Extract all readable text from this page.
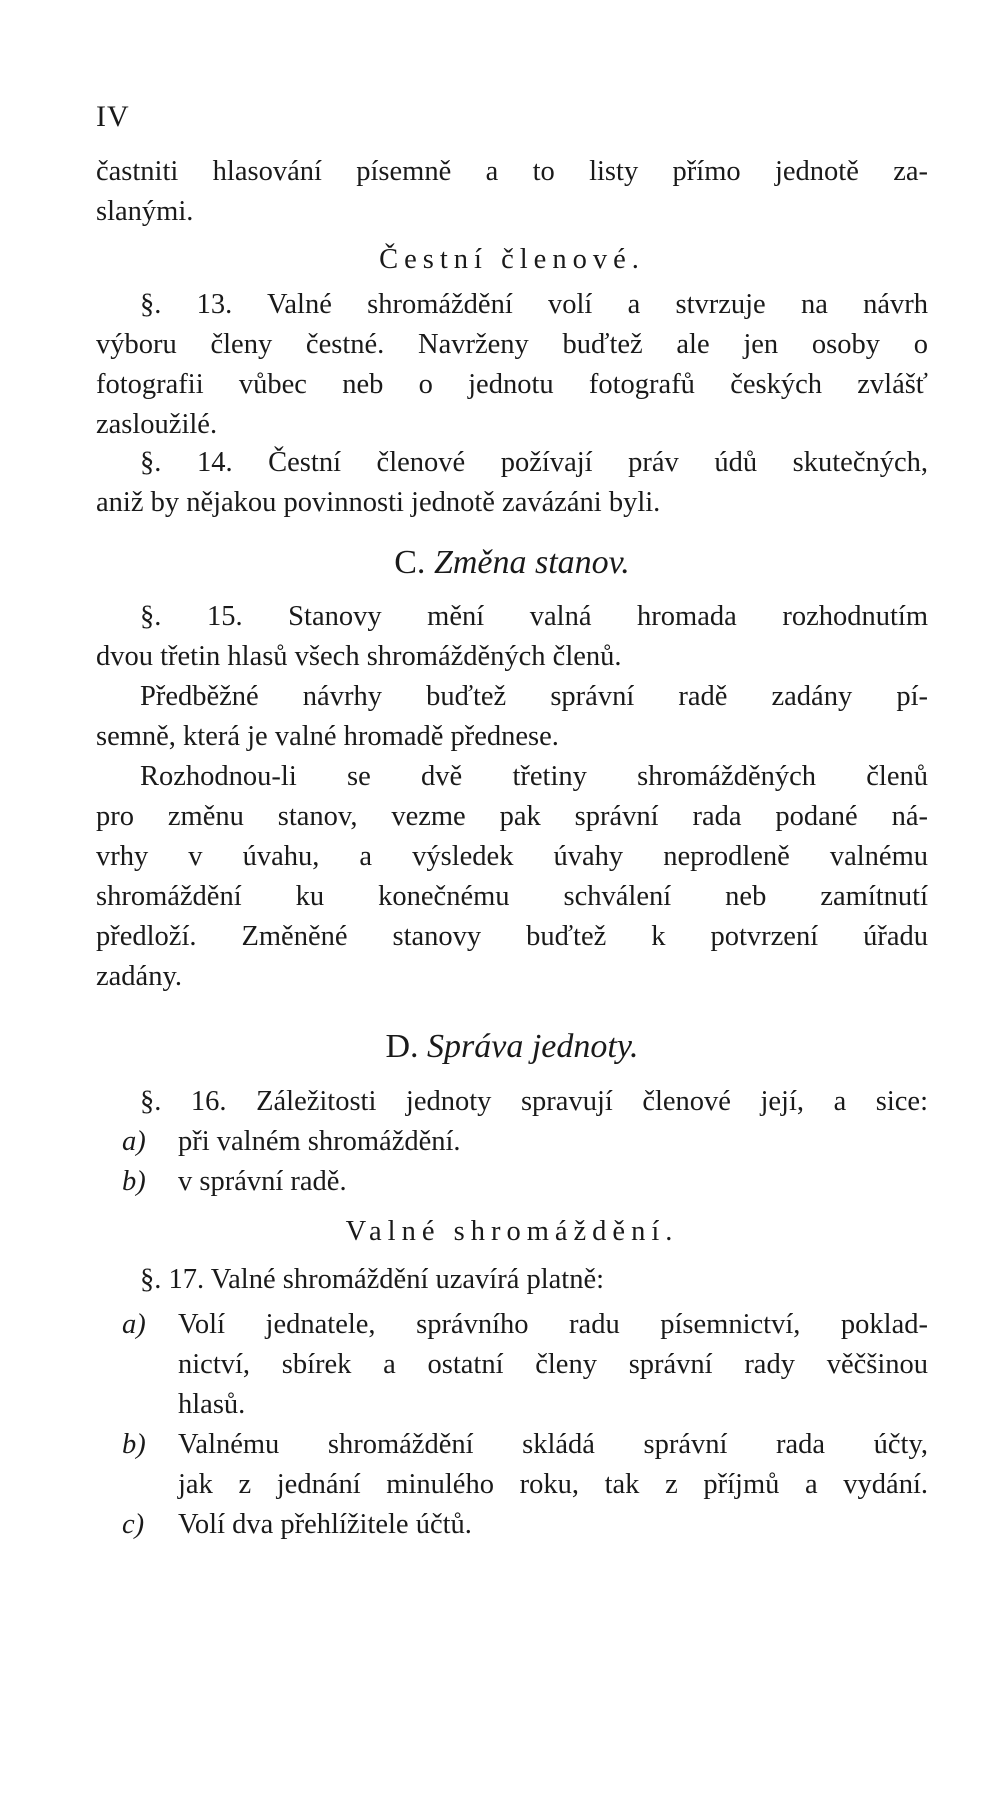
IV
častniti hlasování písemně a to listy přímo jednotě za-
slanými.
Čestní členové.
§. 13. Valné shromáždění volí a stvrzuje na návrh
výboru členy čestné. Navrženy buďtež ale jen osoby o
fotografii vůbec neb o jednotu fotografů českých zvlášť
zasloužilé.
§. 14. Čestní členové požívají práv údů skutečných,
aniž by nějakou povinnosti jednotě zavázáni byli.
C. Změna stanov.
§. 15. Stanovy mění valná hromada rozhodnutím
dvou třetin hlasů všech shromážděných členů.
Předběžné návrhy buďtež správní radě zadány pí-
semně, která je valné hromadě přednese.
Rozhodnou-li se dvě třetiny shromážděných členů
pro změnu stanov, vezme pak správní rada podané ná-
vrhy v úvahu, a výsledek úvahy neprodleně valnému
shromáždění ku konečnému schválení neb zamítnutí
předloží. Změněné stanovy buďtež k potvrzení úřadu
zadány.
D. Správa jednoty.
§. 16. Záležitosti jednoty spravují členové její, a sice:
a) při valném shromáždění.
b) v správní radě.
Valné shromáždění.
§. 17. Valné shromáždění uzavírá platně:
a) Volí jednatele, správního radu písemnictví, poklad-
nictví, sbírek a ostatní členy správní rady věčšinou
hlasů.
b) Valnému shromáždění skládá správní rada účty,
jak z jednání minulého roku, tak z příjmů a vydání.
c) Volí dva přehlížitele účtů.
